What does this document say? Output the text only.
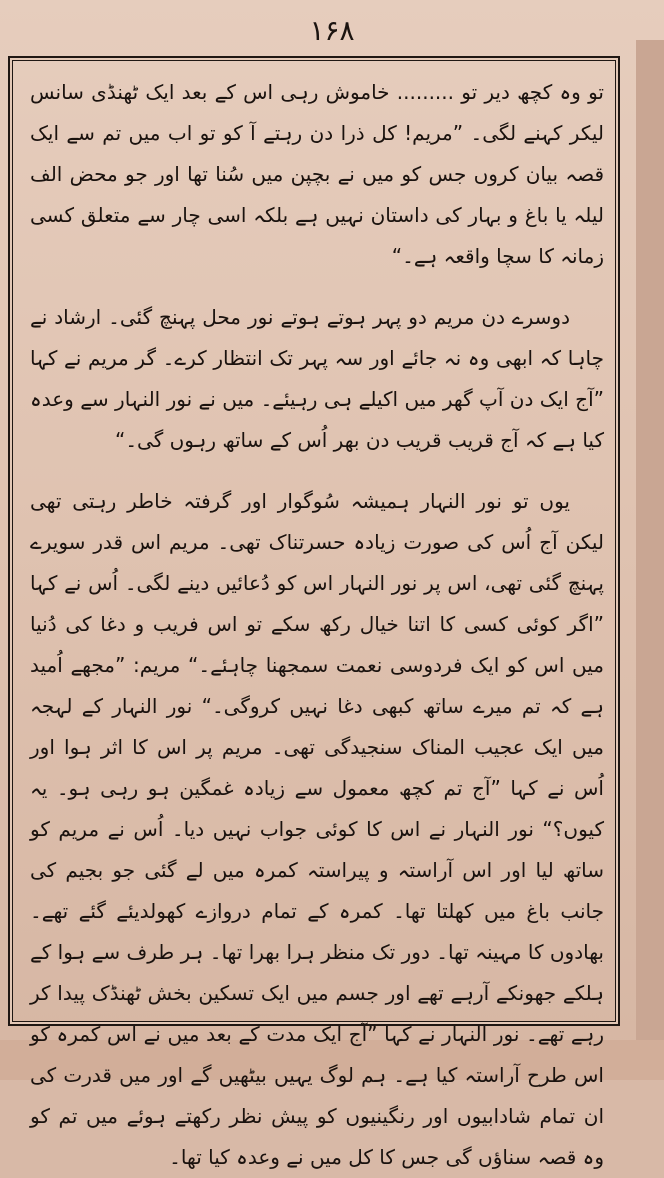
۱۶۸

تو وہ کچھ دیر تو ......... خاموش رہی اس کے بعد ایک ٹھنڈی سانس لیکر کہنے لگی۔ ”مریم! کل ذرا دن رہتے آ کو تو اب میں تم سے ایک قصہ بیان کروں جس کو میں نے بچپن میں سُنا تھا اور جو محض الف لیلہ یا باغ و بہار کی داستان نہیں ہے بلکہ اسی چار سے متعلق کسی زمانہ کا سچا واقعہ ہے۔“

دوسرے دن مریم دو پہر ہوتے ہوتے نور محل پہنچ گئی۔ ارشاد نے چاہا کہ ابھی وہ نہ جائے اور سہ پہر تک انتظار کرے۔ گر مریم نے کہا ”آج ایک دن آپ گھر میں اکیلے ہی رہیئے۔ میں نے نور النہار سے وعدہ کیا ہے کہ آج قریب قریب دن بھر اُس کے ساتھ رہوں گی۔“

یوں تو نور النہار ہمیشہ سُوگوار اور گرفتہ خاطر رہتی تھی لیکن آج اُس کی صورت زیادہ حسرتناک تھی۔ مریم اس قدر سویرے پہنچ گئی تھی، اس پر نور النہار اس کو دُعائیں دینے لگی۔ اُس نے کہا ”اگر کوئی کسی کا اتنا خیال رکھ سکے تو اس فریب و دغا کی دُنیا میں اس کو ایک فردوسی نعمت سمجھنا چاہئے۔“ مریم: ”مجھے اُمید ہے کہ تم میرے ساتھ کبھی دغا نہیں کروگی۔“ نور النہار کے لہجہ میں ایک عجیب المناک سنجیدگی تھی۔ مریم پر اس کا اثر ہوا اور اُس نے کہا ”آج تم کچھ معمول سے زیادہ غمگین ہو رہی ہو۔ یہ کیوں؟“ نور النہار نے اس کا کوئی جواب نہیں دیا۔ اُس نے مریم کو ساتھ لیا اور اس آراستہ و پیراستہ کمرہ میں لے گئی جو بجیم کی جانب باغ میں کھلتا تھا۔ کمرہ کے تمام دروازے کھولدیئے گئے تھے۔ بھادوں کا مہینہ تھا۔ دور تک منظر ہرا بھرا تھا۔ ہر طرف سے ہوا کے ہلکے جھونکے آرہے تھے اور جسم میں ایک تسکین بخش ٹھنڈک پیدا کر رہے تھے۔ نور النہار نے کہا ”آج ایک مدت کے بعد میں نے اس کمرہ کو اس طرح آراستہ کیا ہے۔ ہم لوگ یہیں بیٹھیں گے اور میں قدرت کی ان تمام شادابیوں اور رنگینیوں کو پیش نظر رکھتے ہوئے میں تم کو وہ قصہ سناؤں گی جس کا کل میں نے وعدہ کیا تھا۔
